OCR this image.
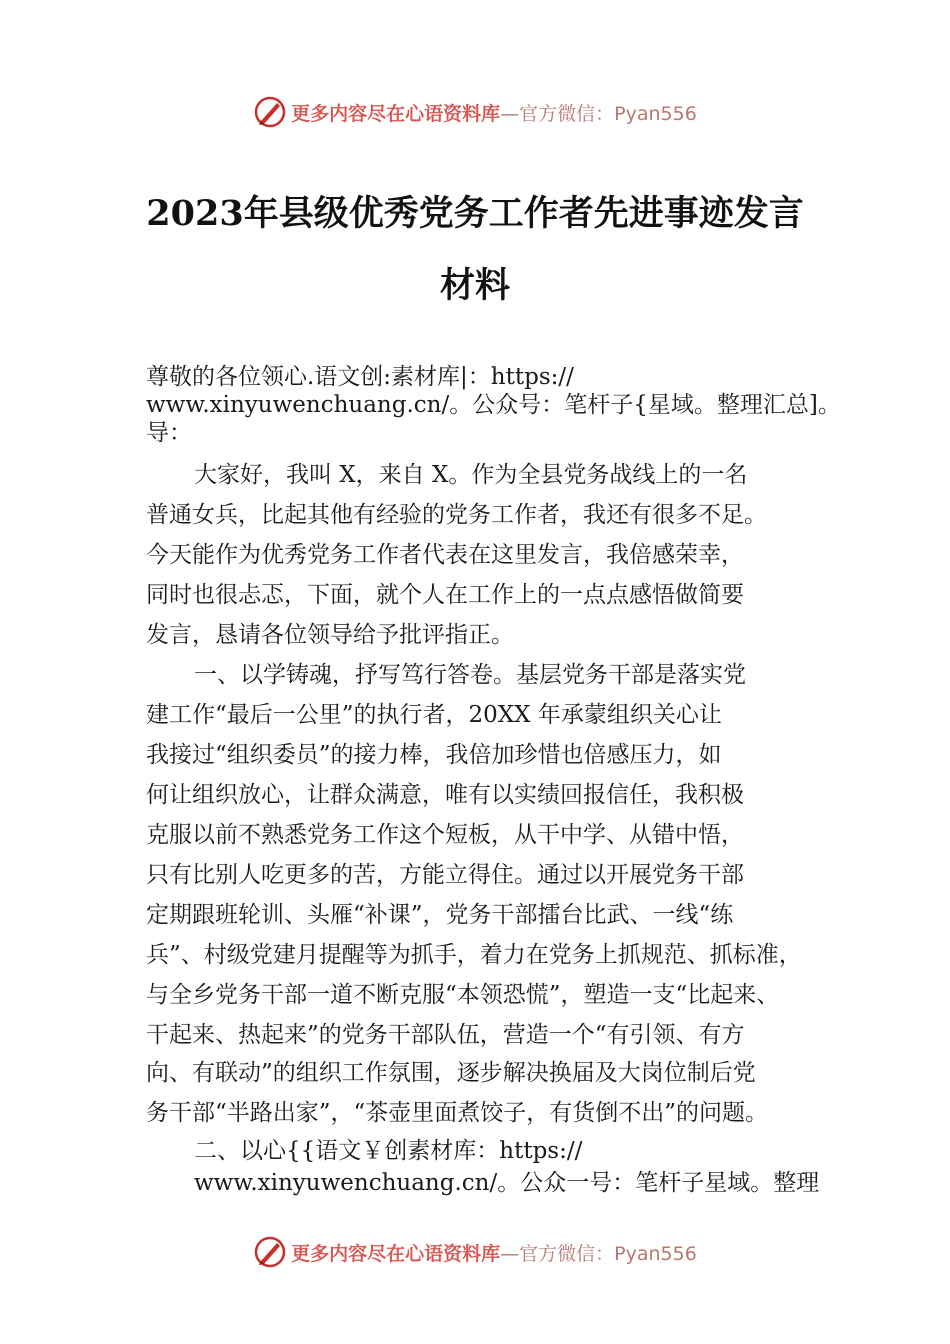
更多内容尽在心语资料库 —官方微信：Pyan556
2023年县级优秀党务工作者先进事迹发言
材料
尊敬的各位领心.语文创:素材库|：https://
www.xinyuwenchuang.cn/。公众号：笔杆子{星域。整理汇总]。
导：
大家好，我叫 X，来自 X。作为全县党务战线上的一名
普通女兵，比起其他有经验的党务工作者，我还有很多不足。
今天能作为优秀党务工作者代表在这里发言，我倍感荣幸，
同时也很忐忑，下面，就个人在工作上的一点点感悟做简要
发言，恳请各位领导给予批评指正。
一、以学铸魂，抒写笃行答卷。基层党务干部是落实党
建工作“最后一公里”的执行者，20XX 年承蒙组织关心让
我接过“组织委员”的接力棒，我倍加珍惜也倍感压力，如
何让组织放心，让群众满意，唯有以实绩回报信任，我积极
克服以前不熟悉党务工作这个短板，从干中学、从错中悟，
只有比别人吃更多的苦，方能立得住。通过以开展党务干部
定期跟班轮训、头雁“补课”，党务干部擂台比武、一线“练
兵”、村级党建月提醒等为抓手，着力在党务上抓规范、抓标准，
与全乡党务干部一道不断克服“本领恐慌”，塑造一支“比起来、
干起来、热起来”的党务干部队伍，营造一个“有引领、有方
向、有联动”的组织工作氛围，逐步解决换届及大岗位制后党
务干部“半路出家”，“茶壶里面煮饺子，有货倒不出”的问题。
二、以心{{语文￥创素材库：https://
www.xinyuwenchuang.cn/。公众一号：笔杆子星域。整理
更多内容尽在心语资料库 —官方微信：Pyan556
